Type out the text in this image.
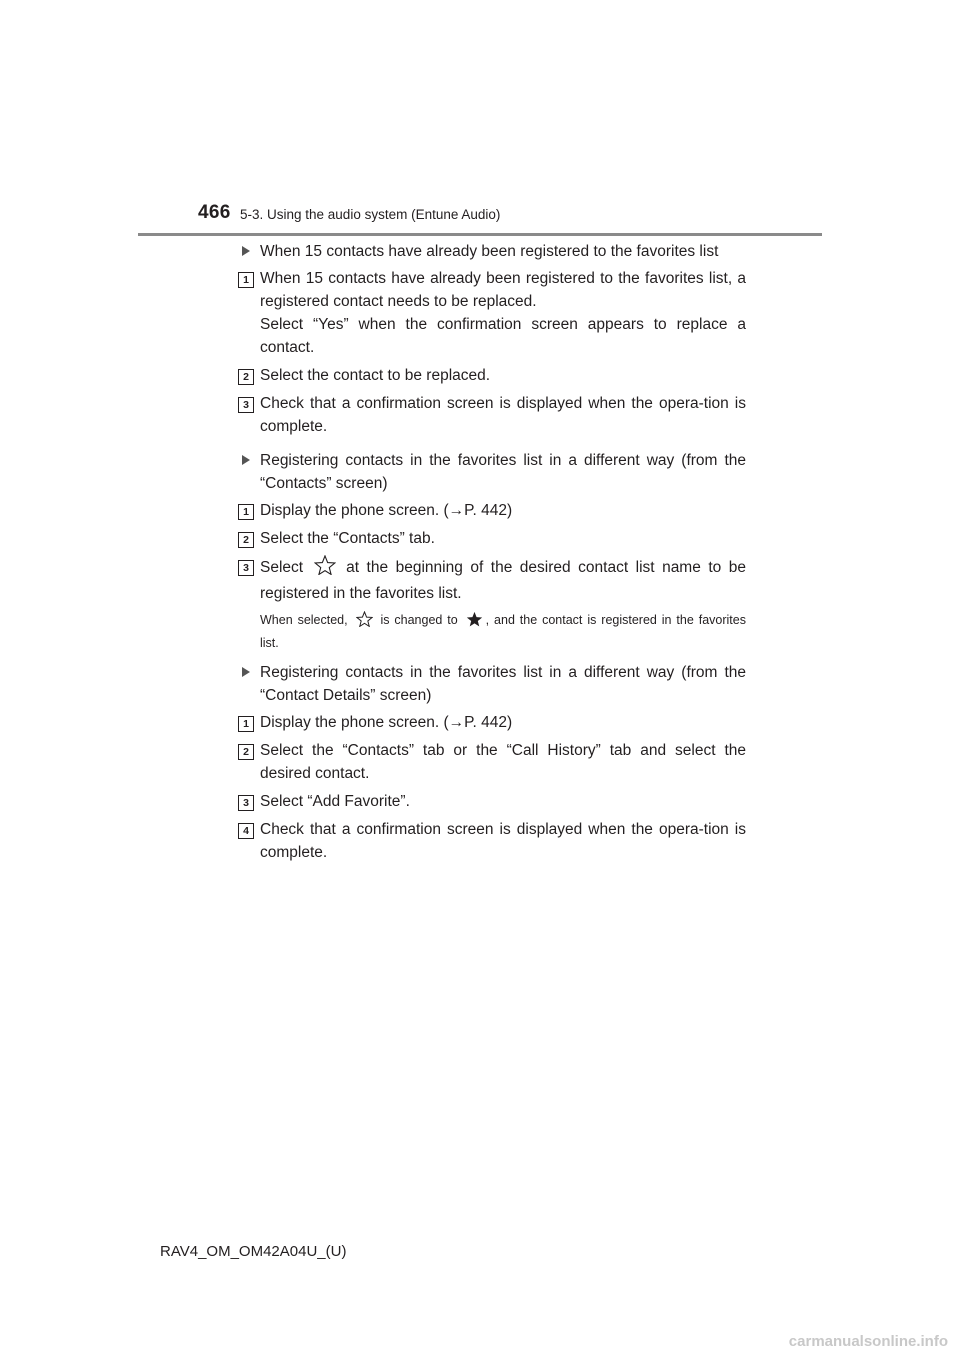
466 5-3. Using the audio system (Entune Audio)
When 15 contacts have already been registered to the favorites list
1 When 15 contacts have already been registered to the favorites list, a registered contact needs to be replaced.

Select “Yes” when the confirmation screen appears to replace a contact.

2 Select the contact to be replaced.

3 Check that a confirmation screen is displayed when the opera-tion is complete.

Registering contacts in the favorites list in a different way (from the “Contacts” screen)
1 Display the phone screen. (→P. 442)

2 Select the “Contacts” tab.

3 Select	at the beginning of the desired contact list name to be registered in the favorites list.

When selected,	is changed to , and the contact is registered in the favorites list.
Registering contacts in the favorites list in a different way (from the “Contact Details” screen)
1 Display the phone screen. (→P. 442)

2 Select the “Contacts” tab or the “Call History” tab and select the desired contact.

3 Select “Add Favorite”.

4 Check that a confirmation screen is displayed when the opera-tion is complete.

RAV4_OM_OM42A04U_(U)
carmanualsonline.info
